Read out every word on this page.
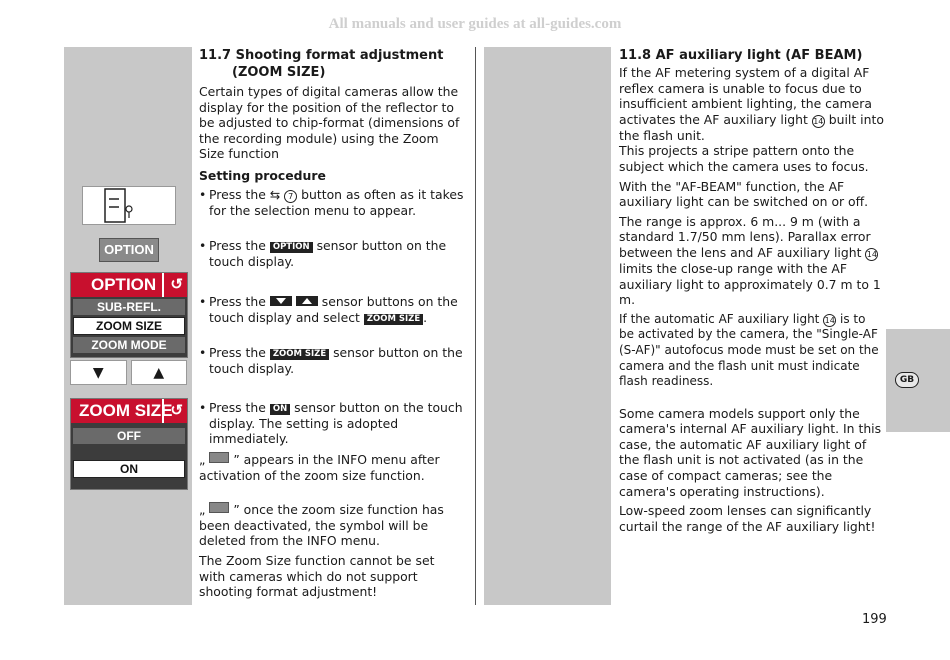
All manuals and user guides at all-guides.com
GB
OPTION
OPTION ↺
SUB-REFL.
ZOOM SIZE
ZOOM MODE
▼	▲
ZOOM SIZE
↺
OFF
ON
11.7 Shooting format adjustment
(ZOOM SIZE)

Certain types of digital cameras allow the display for the position of the reflector to be adjusted to chip-format (dimensions of the recording module) using the Zoom Size function

Setting procedure

• Press the ⇆ 7 button as often as it takes for the selection menu to appear.
• Press the OPTION sensor button on the touch display.
• Press the	sensor buttons on the touch display and select ZOOM SIZE .
• Press the ZOOM SIZE sensor button on the touch display.
• Press the ON sensor button on the touch display. The setting is adopted immediately.
„ ” appears in the INFO menu after activation of the zoom size function.
„ ” once the zoom size function has been deactivated, the symbol will be deleted from the INFO menu.
The Zoom Size function cannot be set with cameras which do not support shooting format adjustment!
11.8 AF auxiliary light (AF BEAM)

If the AF metering system of a digital AF reflex camera is unable to focus due to insufficient ambient lighting, the camera activates the AF auxiliary light 14 built into the flash unit.
This projects a stripe pattern onto the subject which the camera uses to focus.

With the "AF-BEAM" function, the AF auxiliary light can be switched on or off.

The range is approx. 6 m... 9 m (with a standard 1.7/50 mm lens). Parallax error between the lens and AF auxiliary light 14 limits the close-up range with the AF auxiliary light to approximately 0.7 m to 1 m.

If the automatic AF auxiliary light 14 is to be activated by the camera, the "Single-AF (S-AF)" autofocus mode must be set on the camera and the flash unit must indicate flash readiness.

Some camera models support only the camera's internal AF auxiliary light. In this case, the automatic AF auxiliary light of the flash unit is not activated (as in the case of compact cameras; see the camera's operating instructions).

Low-speed zoom lenses can significantly curtail the range of the AF auxiliary light!

199
